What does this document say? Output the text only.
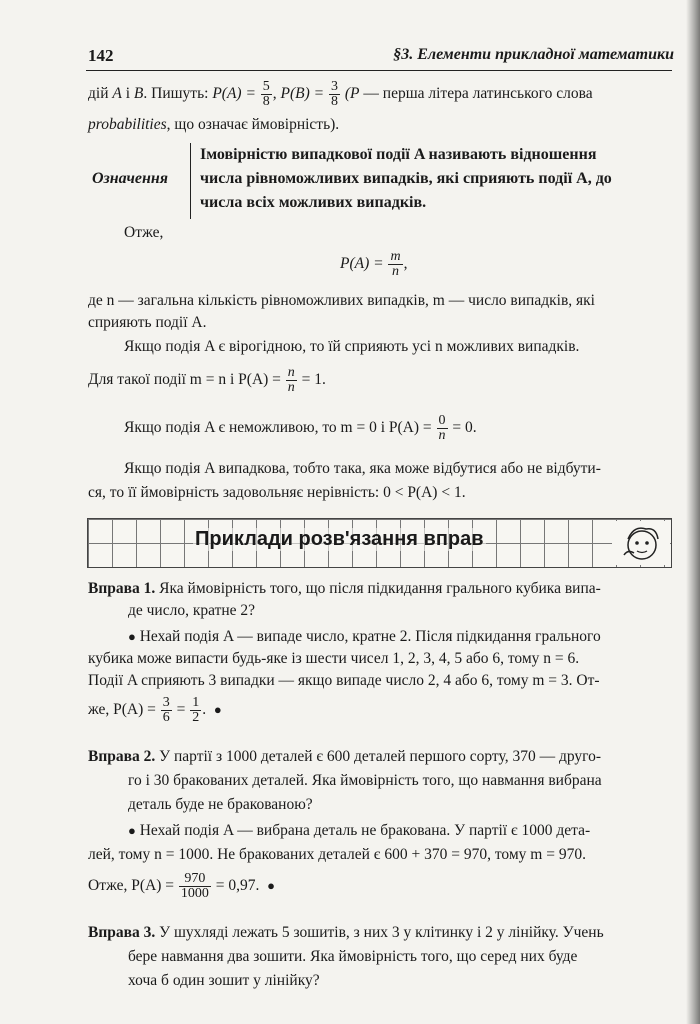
142	§3. Елементи прикладної математики
дій A і B. Пишуть: $P(A) = \frac{5}{8}$ , $P(B) = \frac{3}{8} (P$ — перша літера латинського слова
probabilities, що означає ймовірність).
Означення
Імовірністю випадкової події A називають відношення
числа рівноможливих випадків, які сприяють події A, до
числа всіх можливих випадків.
Отже,
$P(A) = \frac{m}{n}$ ,
де n — загальна кількість рівноможливих випадків, m — число випадків, які
сприяють події A.
Якщо подія A є вірогідною, то їй сприяють усі n можливих випадків.
Для такої події m = n і $P(A) = \frac{n}{n} = 1$.
Якщо подія A є неможливою, то m = 0 і $P(A) = \frac{0}{n} = 0$.
Якщо подія A випадкова, тобто така, яка може відбутися або не відбути-
ся, то її ймовірність задовольняє нерівність: 0 < P(A) < 1.
Приклади розв'язання вправ
Вправа 1. Яка ймовірність того, що після підкидання грального кубика випа-
де число, кратне 2?
● Нехай подія A — випаде число, кратне 2. Після підкидання грального
кубика може випасти будь-яке із шести чисел 1, 2, 3, 4, 5 або 6, тому n = 6.
Події A сприяють 3 випадки — якщо випаде число 2, 4 або 6, тому m = 3. От-
же, $P(A) = \frac{3}{6} = \frac{1}{2}$ . ●
Вправа 2. У партії з 1000 деталей є 600 деталей першого сорту, 370 — друго-
го і 30 бракованих деталей. Яка ймовірність того, що навмання вибрана
деталь буде не бракованою?
● Нехай подія A — вибрана деталь не бракована. У партії є 1000 дета-
лей, тому n = 1000. Не бракованих деталей є 600 + 370 = 970, тому m = 970.
Отже, $P(A) = \frac{970}{1000} = 0,97$. ●
Вправа 3. У шухляді лежать 5 зошитів, з них 3 у клітинку і 2 у лінійку. Учень
бере навмання два зошити. Яка ймовірність того, що серед них буде
хоча б один зошит у лінійку?
